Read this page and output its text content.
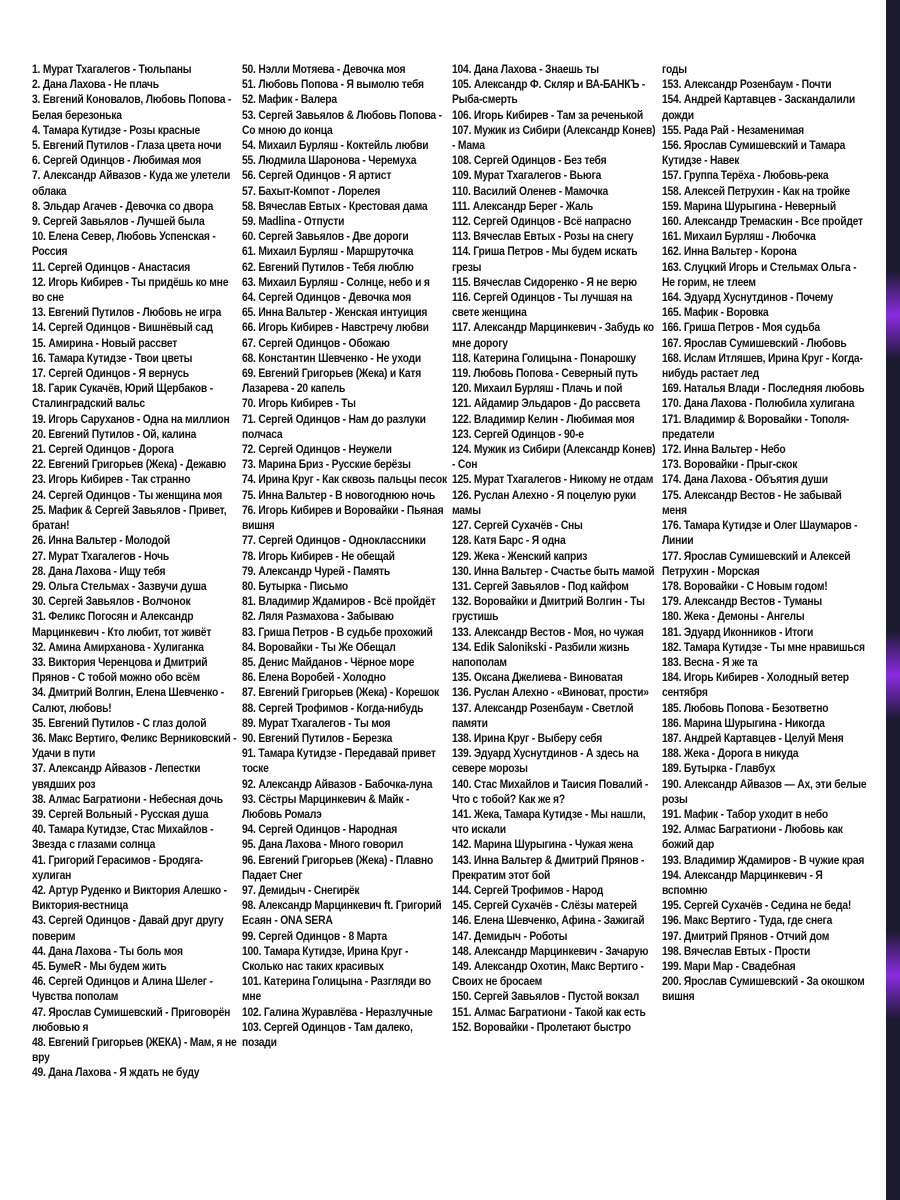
1. Мурат Тхагалегов - Тюльпаны

2. Дана Лахова - Не плачь

3. Евгений Коновалов, Любовь Попова - Белая березонька

4. Тамара Кутидзе - Розы красные

5. Евгений Путилов - Глаза цвета ночи

6. Сергей Одинцов - Любимая моя

7. Александр Айвазов - Куда же улетели облака

8. Эльдар Агачев - Девочка со двора

9. Сергей Завьялов - Лучшей была

10. Елена Север, Любовь Успенская - Россия

11. Сергей Одинцов - Анастасия

12. Игорь Кибирев - Ты придёшь ко мне во сне

13. Евгений Путилов - Любовь не игра

14. Сергей Одинцов - Вишнёвый сад

15. Амирина - Новый рассвет

16. Тамара Кутидзе - Твои цветы

17. Сергей Одинцов - Я вернусь

18. Гарик Сукачёв, Юрий Щербаков - Сталинградский вальс

19. Игорь Саруханов - Одна на миллион

20. Евгений Путилов - Ой, калина

21. Сергей Одинцов - Дорога

22. Евгений Григорьев (Жека) - Дежавю

23. Игорь Кибирев - Так странно

24. Сергей Одинцов - Ты женщина моя

25. Мафик & Сергей Завьялов - Привет, братан!

26. Инна Вальтер - Молодой

27. Мурат Тхагалегов - Ночь

28. Дана Лахова - Ищу тебя

29. Ольга Стельмах - Зазвучи душа

30. Сергей Завьялов - Волчонок

31. Феликс Погосян и Александр Марцинкевич - Кто любит, тот живёт

32. Амина Амирханова - Хулиганка

33. Виктория Черенцова и Дмитрий Прянов - С тобой можно обо всём

34. Дмитрий Волгин, Елена Шевченко - Салют, любовь!

35. Евгений Путилов - С глаз долой

36. Макс Вертиго, Феликс Верниковский - Удачи в пути

37. Александр Айвазов - Лепестки увядших роз

38. Алмас Багратиони - Небесная дочь

39. Сергей Вольный - Русская душа

40. Тамара Кутидзе, Стас Михайлов - Звезда с глазами солнца

41. Григорий Герасимов - Бродяга-хулиган

42. Артур Руденко и Виктория Алешко - Виктория-вестница

43. Сергей Одинцов - Давай друг другу поверим

44. Дана Лахова - Ты боль моя

45. БумеR - Мы будем жить

46. Сергей Одинцов и Алина Шелег - Чувства пополам

47. Ярослав Сумишевский - Приговорён любовью я

48. Евгений Григорьев (ЖЕКА) - Мам, я не вру

49. Дана Лахова - Я ждать не буду

50. Нэлли Мотяева - Девочка моя

51. Любовь Попова - Я вымолю тебя

52. Мафик - Валера

53. Сергей Завьялов & Любовь Попова - Со мною до конца

54. Михаил Бурляш - Коктейль любви

55. Людмила Шаронова - Черемуха

56. Сергей Одинцов - Я артист

57. Бахыт-Компот - Лорелея

58. Вячеслав Евтых - Крестовая дама

59. Madlina - Отпусти

60. Сергей Завьялов - Две дороги

61. Михаил Бурляш - Маршруточка

62. Евгений Путилов - Тебя люблю

63. Михаил Бурляш - Солнце, небо и я

64. Сергей Одинцов - Девочка моя

65. Инна Вальтер - Женская интуиция

66. Игорь Кибирев - Навстречу любви

67. Сергей Одинцов - Обожаю

68. Константин Шевченко - Не уходи

69. Евгений Григорьев (Жека) и Катя Лазарева - 20 капель

70. Игорь Кибирев - Ты

71. Сергей Одинцов - Нам до разлуки полчаса

72. Сергей Одинцов - Неужели

73. Марина Бриз - Русские берёзы

74. Ирина Круг - Как сквозь пальцы песок

75. Инна Вальтер - В новогоднюю ночь

76. Игорь Кибирев и Воровайки - Пьяная вишня

77. Сергей Одинцов - Одноклассники

78. Игорь Кибирев - Не обещай

79. Александр Чурей - Память

80. Бутырка - Письмо

81. Владимир Ждамиров - Всё пройдёт

82. Ляля Размахова - Забываю

83. Гриша Петров - В судьбе прохожий

84. Воровайки - Ты Же Обещал

85. Денис Майданов - Чёрное море

86. Елена Воробей - Холодно

87. Евгений Григорьев (Жека) - Корешок

88. Сергей Трофимов - Когда-нибудь

89. Мурат Тхагалегов - Ты моя

90. Евгений Путилов - Березка

91. Тамара Кутидзе - Передавай привет тоске

92. Александр Айвазов - Бабочка-луна

93. Сёстры Марцинкевич & Майк - Любовь Ромалэ

94. Сергей Одинцов - Народная

95. Дана Лахова - Много говорил

96. Евгений Григорьев (Жека) - Плавно Падает Снег

97. Демидыч - Снегирёк

98. Александр Марцинкевич ft. Григорий Есаян - ONA SERA

99. Сергей Одинцов - 8 Марта

100. Тамара Кутидзе, Ирина Круг - Сколько нас таких красивых

101. Катерина Голицына - Разгляди во мне

102. Галина Журавлёва - Неразлучные

103. Сергей Одинцов - Там далеко, позади

104. Дана Лахова - Знаешь ты

105. Александр Ф. Скляр и ВА-БАНКЪ - Рыба-смерть

106. Игорь Кибирев - Там за реченькой

107. Мужик из Сибири (Александр Конев) - Мама

108. Сергей Одинцов - Без тебя

109. Мурат Тхагалегов - Вьюга

110. Василий Оленев - Мамочка

111. Александр Берег - Жаль

112. Сергей Одинцов - Всё напрасно

113. Вячеслав Евтых - Розы на снегу

114. Гриша Петров - Мы будем искать грезы

115. Вячеслав Сидоренко - Я не верю

116. Сергей Одинцов - Ты лучшая на свете женщина

117. Александр Марцинкевич - Забудь ко мне дорогу

118. Катерина Голицына - Понарошку

119. Любовь Попова - Северный путь

120. Михаил Бурляш - Плачь и пой

121. Айдамир Эльдаров - До рассвета

122. Владимир Келин - Любимая моя

123. Сергей Одинцов - 90-е

124. Мужик из Сибири (Александр Конев) - Сон

125. Мурат Тхагалегов - Никому не отдам

126. Руслан Алехно - Я поцелую руки мамы

127. Сергей Сухачёв - Сны

128. Катя Барс - Я одна

129. Жека - Женский каприз

130. Инна Вальтер - Счастье быть мамой

131. Сергей Завьялов - Под кайфом

132. Воровайки и Дмитрий Волгин - Ты грустишь

133. Александр Вестов - Моя, но чужая

134. Edik Salonikski - Разбили жизнь напополам

135. Оксана Джелиева - Виноватая

136. Руслан Алехно - «Виноват, прости»

137. Александр Розенбаум - Светлой памяти

138. Ирина Круг - Выберу себя

139. Эдуард Хуснутдинов - А здесь на севере морозы

140. Стас Михайлов и Таисия Повалий - Что с тобой? Как же я?

141. Жека, Тамара Кутидзе - Мы нашли, что искали

142. Марина Шурыгина - Чужая жена

143. Инна Вальтер & Дмитрий Прянов - Прекратим этот бой

144. Сергей Трофимов - Народ

145. Сергей Сухачёв - Слёзы матерей

146. Елена Шевченко, Афина - Зажигай

147. Демидыч - Роботы

148. Александр Марцинкевич - Зачарую

149. Александр Охотин, Макс Вертиго - Своих не бросаем

150. Сергей Завьялов - Пустой вокзал

151. Алмас Багратиони - Такой как есть

152. Воровайки - Пролетают быстро

годы

153. Александр Розенбаум - Почти

154. Андрей Картавцев - Заскандалили дожди

155. Рада Рай - Незаменимая

156. Ярослав Сумишевский и Тамара Кутидзе - Навек

157. Группа Терёха - Любовь-река

158. Алексей Петрухин - Как на тройке

159. Марина Шурыгина - Неверный

160. Александр Тремаскин - Все пройдет

161. Михаил Бурляш - Любочка

162. Инна Вальтер - Корона

163. Слуцкий Игорь и Стельмах Ольга - Не горим, не тлеем

164. Эдуард Хуснутдинов - Почему

165. Мафик - Воровка

166. Гриша Петров - Моя судьба

167. Ярослав Сумишевский - Любовь

168. Ислам Итляшев, Ирина Круг - Когда-нибудь растает лед

169. Наталья Влади - Последняя любовь

170. Дана Лахова - Полюбила хулигана

171. Владимир & Воровайки - Тополя-предатели

172. Инна Вальтер - Небо

173. Воровайки - Прыг-скок

174. Дана Лахова - Объятия души

175. Александр Вестов - Не забывай меня

176. Тамара Кутидзе и Олег Шаумаров - Линии

177. Ярослав Сумишевский и Алексей Петрухин - Морская

178. Воровайки - С Новым годом!

179. Александр Вестов - Туманы

180. Жека - Демоны - Ангелы

181. Эдуард Иконников - Итоги

182. Тамара Кутидзе - Ты мне нравишься

183. Весна - Я же та

184. Игорь Кибирев - Холодный ветер сентября

185. Любовь Попова - Безответно

186. Марина Шурыгина - Никогда

187. Андрей Картавцев - Целуй Меня

188. Жека - Дорога в никуда

189. Бутырка - Главбух

190. Александр Айвазов — Ах, эти белые розы

191. Мафик - Табор уходит в небо

192. Алмас Багратиони - Любовь как божий дар

193. Владимир Ждамиров - В чужие края

194. Александр Марцинкевич - Я вспомню

195. Сергей Сухачёв - Седина не беда!

196. Макс Вертиго - Туда, где снега

197. Дмитрий Прянов - Отчий дом

198. Вячеслав Евтых - Прости

199. Мари Мар - Свадебная

200. Ярослав Сумишевский - За окошком вишня
